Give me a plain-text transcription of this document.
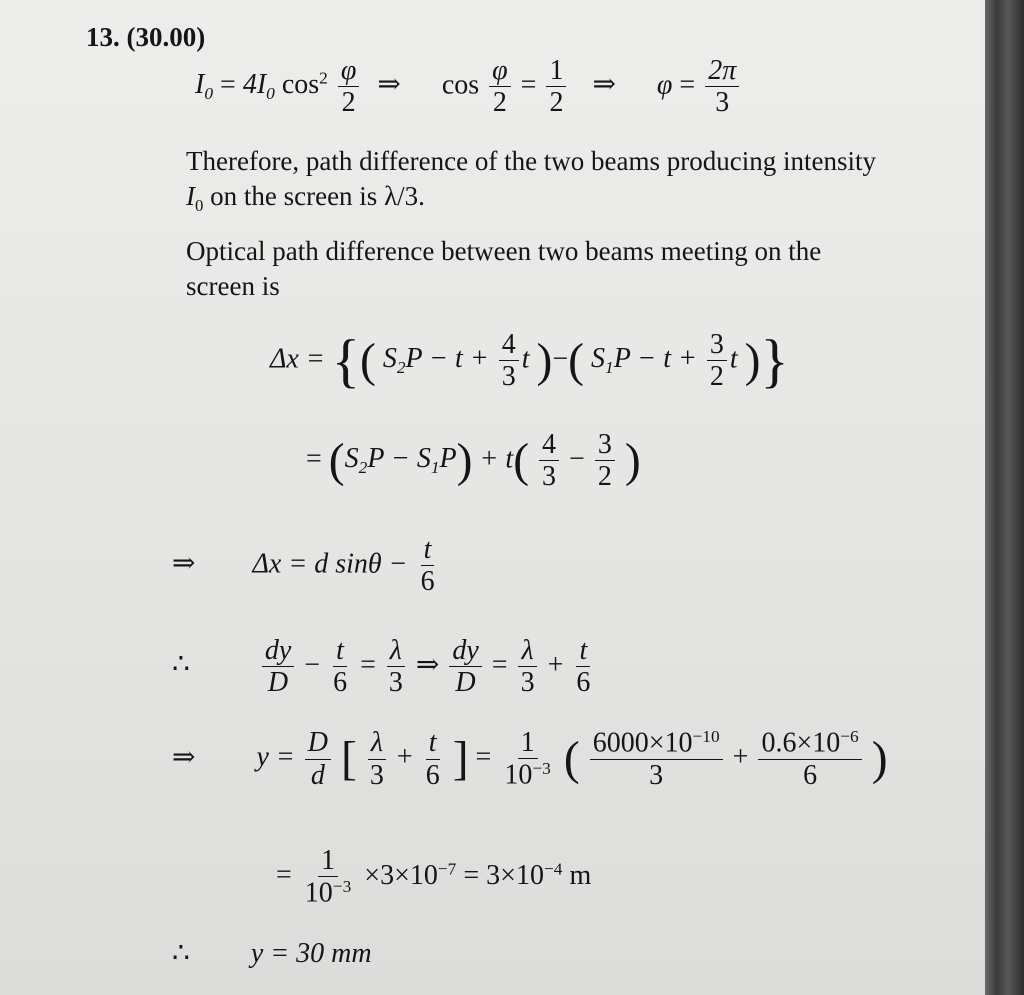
13. (30.00)
$I_0 = 4I_0$ $\cos^2 \frac{\varphi}{2}$ ⇒ $\cos \frac{\varphi}{2} = \frac{1}{2}$ ⇒ $\varphi = \frac{2\pi}{3}$
Therefore, path difference of the two beams producing intensity
$I_0$ on the screen is λ/3.
Optical path difference between two beams meeting on the
screen is
Δx = {( $S_2P - t + \frac{4}{3}$ t )−( $S_1P - t + \frac{3}{2}$ t )}
= $(S_2P - S_1P) + t( \frac{4}{3} - \frac{3}{2}$ )
⇒ Δx = d $\sin\theta - \frac{t}{6}$
∴	$\frac{dy}{D} - \frac{t}{6} = \frac{\lambda}{3}$ ⇒ $\frac{dy}{D} = \frac{\lambda}{3} + \frac{t}{6}$
⇒ $y = \frac{D}{d}$ [ $\frac{\lambda}{3} + \frac{t}{6}$ ] = $\frac{1}{10^{-3}}$ ( $\frac{6000\times 10^{-10}}{3} + \frac{0.6\times 10^{-6}}{6}$ )
= $\frac{1}{10^{-3}} \times 3\times 10^{-7} = 3\times 10^{-4}$ m
∴ y = 30 mm
